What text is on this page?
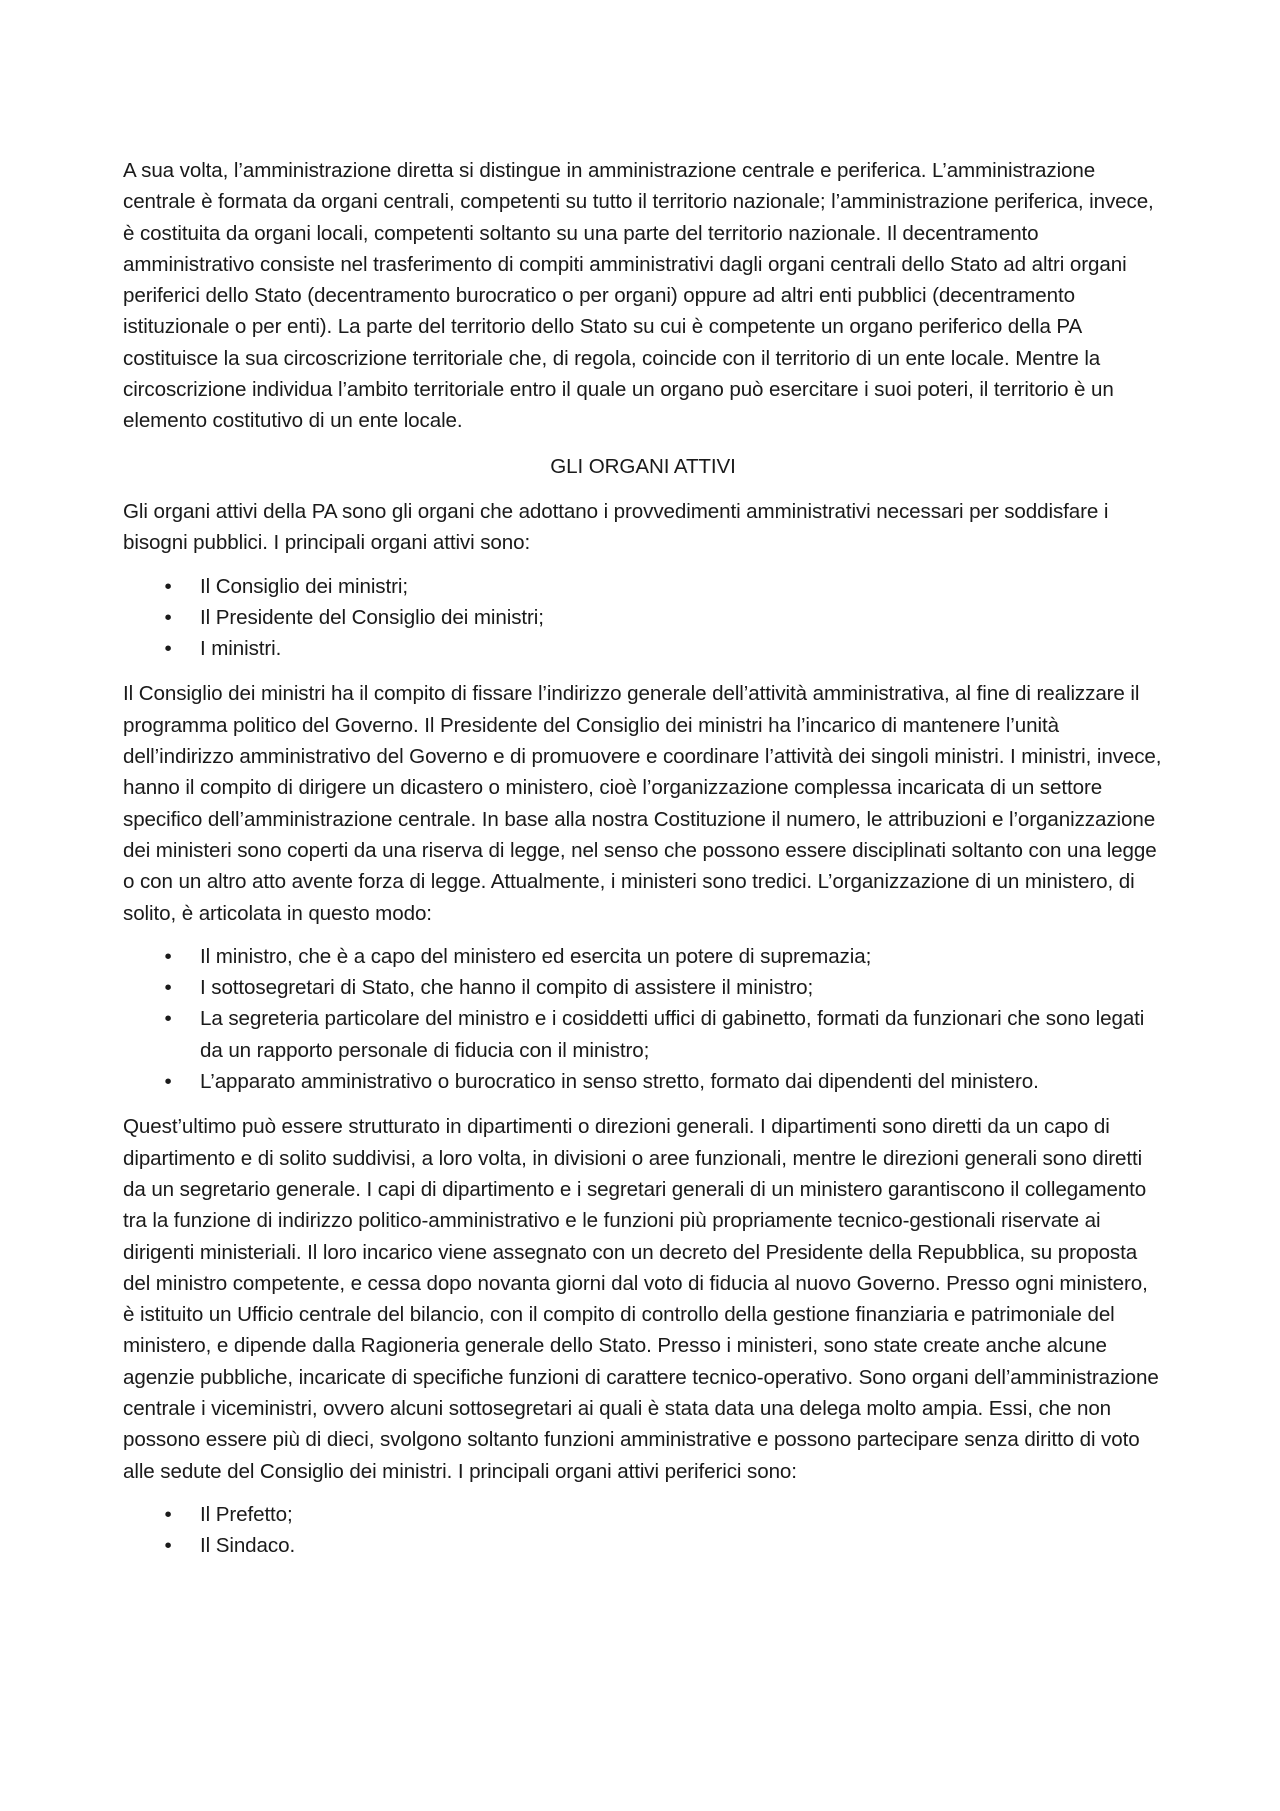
A sua volta, l’amministrazione diretta si distingue in amministrazione centrale e periferica. L’amministrazione centrale è formata da organi centrali, competenti su tutto il territorio nazionale; l’amministrazione periferica, invece, è costituita da organi locali, competenti soltanto su una parte del territorio nazionale. Il decentramento amministrativo consiste nel trasferimento di compiti amministrativi dagli organi centrali dello Stato ad altri organi periferici dello Stato (decentramento burocratico o per organi) oppure ad altri enti pubblici (decentramento istituzionale o per enti). La parte del territorio dello Stato su cui è competente un organo periferico della PA costituisce la sua circoscrizione territoriale che, di regola, coincide con il territorio di un ente locale. Mentre la circoscrizione individua l’ambito territoriale entro il quale un organo può esercitare i suoi poteri, il territorio è un elemento costitutivo di un ente locale.

GLI ORGANI ATTIVI

Gli organi attivi della PA sono gli organi che adottano i provvedimenti amministrativi necessari per soddisfare i bisogni pubblici. I principali organi attivi sono:

• Il Consiglio dei ministri;
• Il Presidente del Consiglio dei ministri;
• I ministri.

Il Consiglio dei ministri ha il compito di fissare l’indirizzo generale dell’attività amministrativa, al fine di realizzare il programma politico del Governo. Il Presidente del Consiglio dei ministri ha l’incarico di mantenere l’unità dell’indirizzo amministrativo del Governo e di promuovere e coordinare l’attività dei singoli ministri. I ministri, invece, hanno il compito di dirigere un dicastero o ministero, cioè l’organizzazione complessa incaricata di un settore specifico dell’amministrazione centrale. In base alla nostra Costituzione il numero, le attribuzioni e l’organizzazione dei ministeri sono coperti da una riserva di legge, nel senso che possono essere disciplinati soltanto con una legge o con un altro atto avente forza di legge. Attualmente, i ministeri sono tredici. L’organizzazione di un ministero, di solito, è articolata in questo modo:

• Il ministro, che è a capo del ministero ed esercita un potere di supremazia;
• I sottosegretari di Stato, che hanno il compito di assistere il ministro;
• La segreteria particolare del ministro e i cosiddetti uffici di gabinetto, formati da funzionari che sono legati da un rapporto personale di fiducia con il ministro;
• L’apparato amministrativo o burocratico in senso stretto, formato dai dipendenti del ministero.

Quest’ultimo può essere strutturato in dipartimenti o direzioni generali. I dipartimenti sono diretti da un capo di dipartimento e di solito suddivisi, a loro volta, in divisioni o aree funzionali, mentre le direzioni generali sono diretti da un segretario generale. I capi di dipartimento e i segretari generali di un ministero garantiscono il collegamento tra la funzione di indirizzo politico-amministrativo e le funzioni più propriamente tecnico-gestionali riservate ai dirigenti ministeriali. Il loro incarico viene assegnato con un decreto del Presidente della Repubblica, su proposta del ministro competente, e cessa dopo novanta giorni dal voto di fiducia al nuovo Governo. Presso ogni ministero, è istituito un Ufficio centrale del bilancio, con il compito di controllo della gestione finanziaria e patrimoniale del ministero, e dipende dalla Ragioneria generale dello Stato. Presso i ministeri, sono state create anche alcune agenzie pubbliche, incaricate di specifiche funzioni di carattere tecnico-operativo. Sono organi dell’amministrazione centrale i viceministri, ovvero alcuni sottosegretari ai quali è stata data una delega molto ampia. Essi, che non possono essere più di dieci, svolgono soltanto funzioni amministrative e possono partecipare senza diritto di voto alle sedute del Consiglio dei ministri. I principali organi attivi periferici sono:

• Il Prefetto;
• Il Sindaco.
